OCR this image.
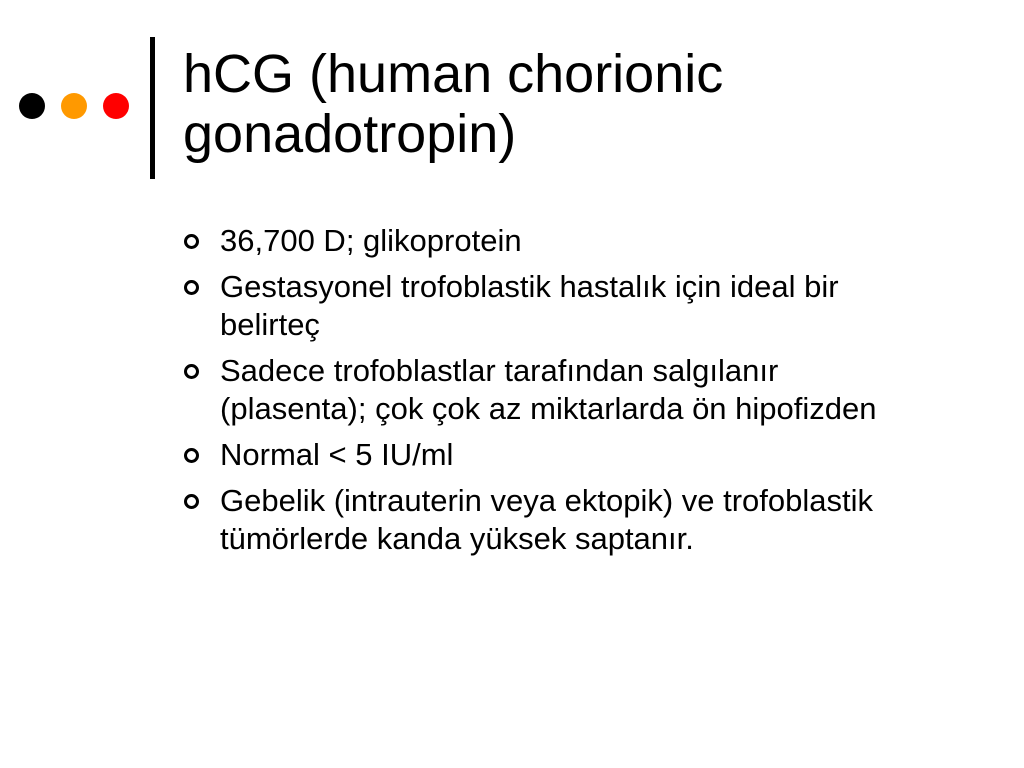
hCG (human chorionic gonadotropin)
36,700 D; glikoprotein
Gestasyonel trofoblastik hastalık için ideal bir belirteç
Sadece trofoblastlar tarafından salgılanır (plasenta); çok çok az miktarlarda ön hipofizden
Normal < 5 IU/ml
Gebelik (intrauterin veya ektopik) ve trofoblastik tümörlerde kanda yüksek saptanır.
